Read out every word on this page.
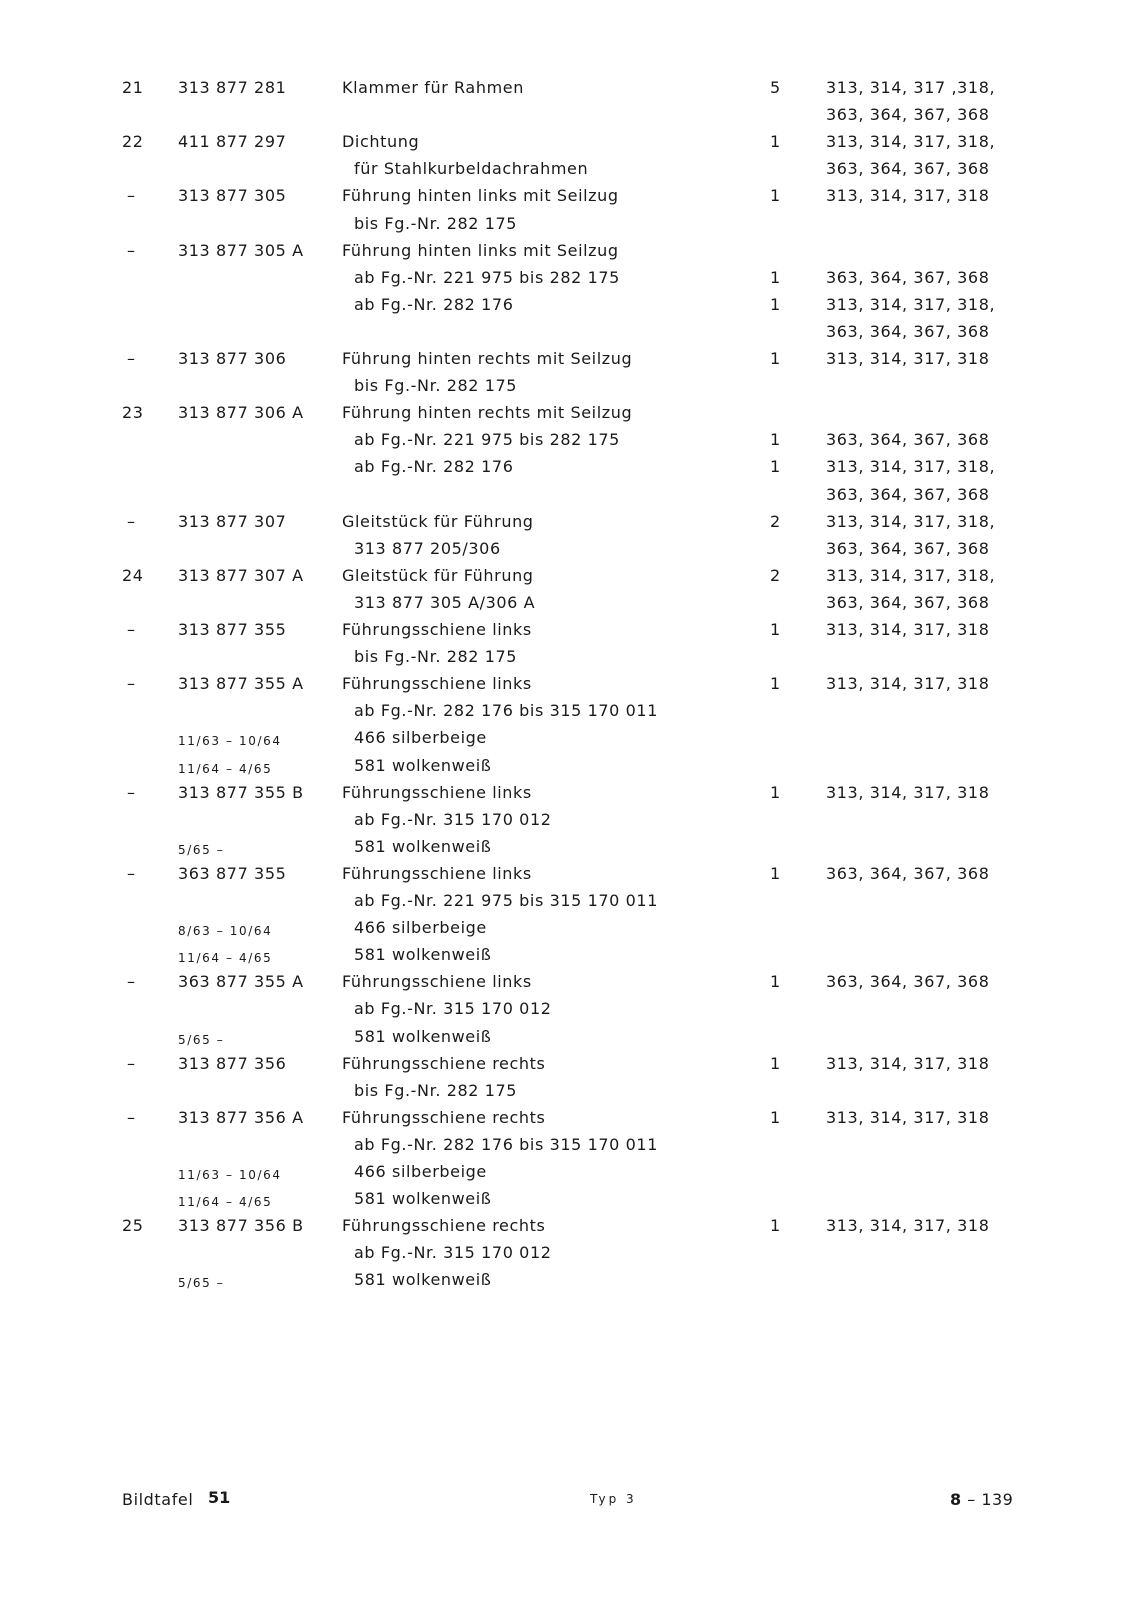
21 313 877 281	Klammer für Rahmen	5	313, 314, 317 ,318,
363, 364, 367, 368
22 411 877 297	Dichtung	1	313, 314, 317, 318,
für Stahlkurbeldachrahmen	363, 364, 367, 368
–	313 877 305	Führung hinten links mit Seilzug	1	313, 314, 317, 318
bis Fg.-Nr. 282 175
–	313 877 305 A Führung hinten links mit Seilzug
ab Fg.-Nr. 221 975 bis 282 175	1	363, 364, 367, 368
ab Fg.-Nr. 282 176	1	313, 314, 317, 318,
363, 364, 367, 368
–	313 877 306	Führung hinten rechts mit Seilzug	1	313, 314, 317, 318
bis Fg.-Nr. 282 175
23 313 877 306 A Führung hinten rechts mit Seilzug
ab Fg.-Nr. 221 975 bis 282 175	1	363, 364, 367, 368
ab Fg.-Nr. 282 176	1	313, 314, 317, 318,
363, 364, 367, 368
–	313 877 307	Gleitstück für Führung	2	313, 314, 317, 318,
313 877 205/306	363, 364, 367, 368
24 313 877 307 A Gleitstück für Führung	2	313, 314, 317, 318,
313 877 305 A/306 A	363, 364, 367, 368
–	313 877 355	Führungsschiene links	1	313, 314, 317, 318
bis Fg.-Nr. 282 175
–	313 877 355 A Führungsschiene links	1	313, 314, 317, 318
ab Fg.-Nr. 282 176 bis 315 170 011
11/63 – 10/64	466 silberbeige
11/64 – 4/65	581 wolkenweiß
–	313 877 355 B Führungsschiene links	1	313, 314, 317, 318
ab Fg.-Nr. 315 170 012
5/65 –	581 wolkenweiß
–	363 877 355	Führungsschiene links	1	363, 364, 367, 368
ab Fg.-Nr. 221 975 bis 315 170 011
8/63 – 10/64	466 silberbeige
11/64 – 4/65	581 wolkenweiß
–	363 877 355 A Führungsschiene links	1	363, 364, 367, 368
ab Fg.-Nr. 315 170 012
5/65 –	581 wolkenweiß
–	313 877 356	Führungsschiene rechts	1	313, 314, 317, 318
bis Fg.-Nr. 282 175
–	313 877 356 A Führungsschiene rechts	1	313, 314, 317, 318
ab Fg.-Nr. 282 176 bis 315 170 011
11/63 – 10/64	466 silberbeige
11/64 – 4/65	581 wolkenweiß
25 313 877 356 B Führungsschiene rechts	1	313, 314, 317, 318
ab Fg.-Nr. 315 170 012
5/65 –	581 wolkenweiß
Bildtafel 51	Typ 3	8 – 139
